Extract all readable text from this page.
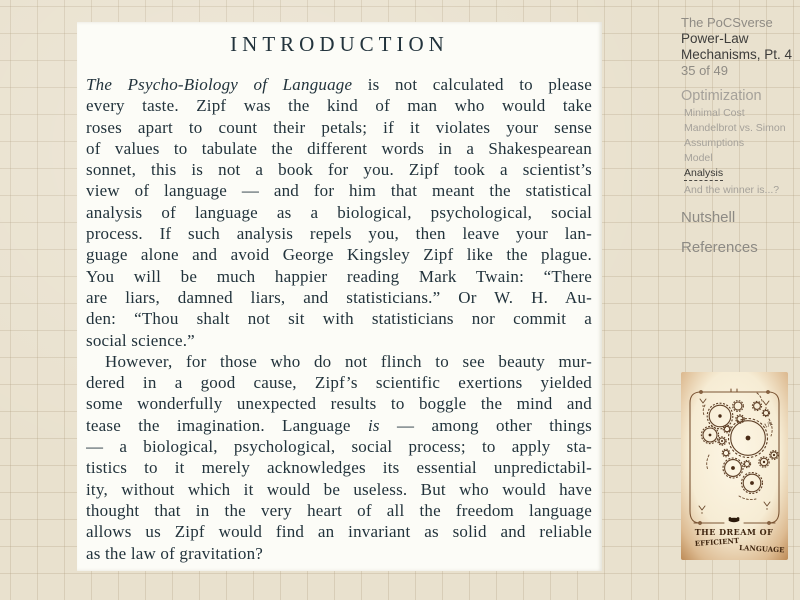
INTRODUCTION
The Psycho-Biology of Language is not calculated to please
every taste. Zipf was the kind of man who would take
roses apart to count their petals; if it violates your sense
of values to tabulate the different words in a Shakespearean
sonnet, this is not a book for you. Zipf took a scientist’s
view of language — and for him that meant the statistical
analysis of language as a biological, psychological, social
process. If such analysis repels you, then leave your lan-
guage alone and avoid George Kingsley Zipf like the plague.
You will be much happier reading Mark Twain: “There
are liars, damned liars, and statisticians.” Or W. H. Au-
den: “Thou shalt not sit with statisticians nor commit a
social science.”
However, for those who do not flinch to see beauty mur-
dered in a good cause, Zipf’s scientific exertions yielded
some wonderfully unexpected results to boggle the mind and
tease the imagination. Language is — among other things
— a biological, psychological, social process; to apply sta-
tistics to it merely acknowledges its essential unpredictabil-
ity, without which it would be useless. But who would have
thought that in the very heart of all the freedom language
allows us Zipf would find an invariant as solid and reliable
as the law of gravitation?
The PoCSverse
Power-Law
Mechanisms, Pt. 4
35 of 49
Optimization
Minimal Cost
Mandelbrot vs. Simon
Assumptions
Model
Analysis
And the winner is...?
Nutshell
References
1/k
THE DREAM OF
EFFICIENT
LANGUAGE
